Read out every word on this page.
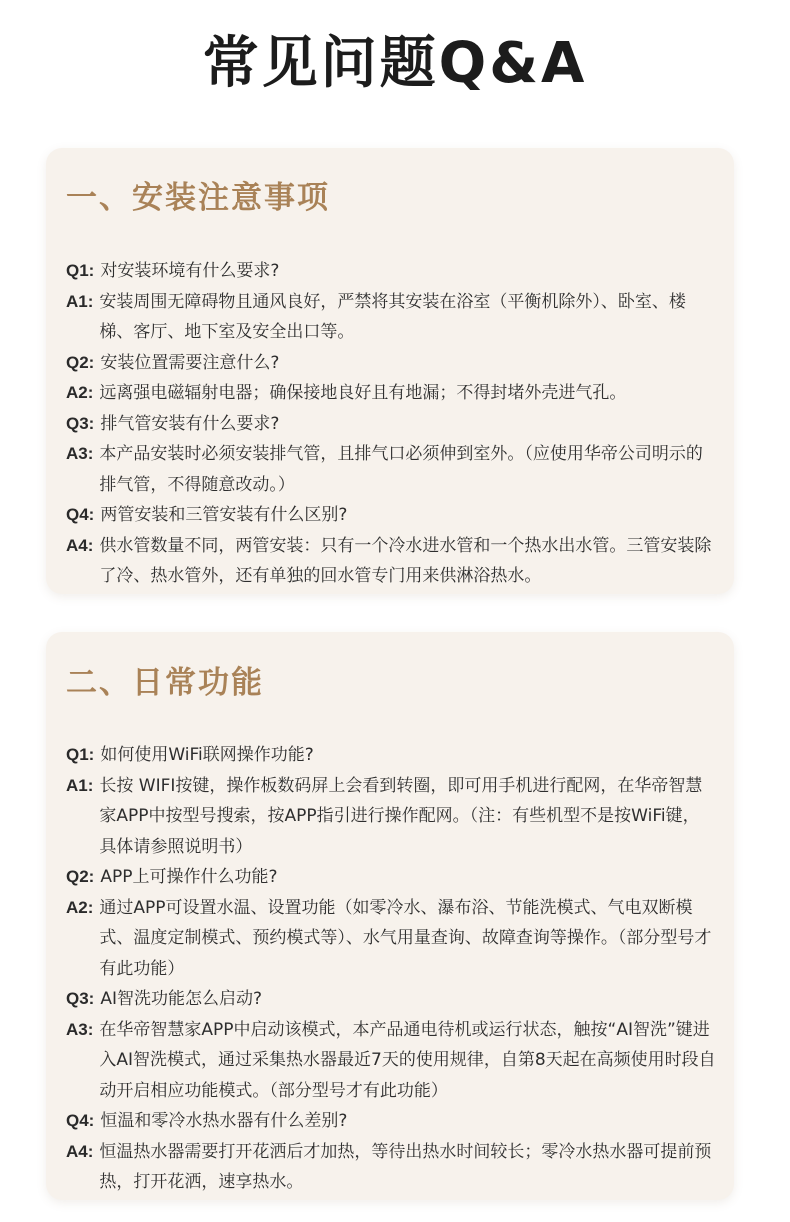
常见问题Q&A
一、安装注意事项
Q1: 对安装环境有什么要求?
A1: 安装周围无障碍物且通风良好，严禁将其安装在浴室（平衡机除外）、卧室、楼梯、客厅、地下室及安全出口等。
Q2: 安装位置需要注意什么?
A2: 远离强电磁辐射电器；确保接地良好且有地漏；不得封堵外壳进气孔。
Q3: 排气管安装有什么要求?
A3: 本产品安装时必须安装排气管，且排气口必须伸到室外。（应使用华帝公司明示的排气管，不得随意改动。）
Q4: 两管安装和三管安装有什么区别?
A4: 供水管数量不同，两管安装：只有一个冷水进水管和一个热水出水管。三管安装除了冷、热水管外，还有单独的回水管专门用来供淋浴热水。
二、日常功能
Q1: 如何使用WiFi联网操作功能?
A1: 长按 WIFI按键，操作板数码屏上会看到转圈，即可用手机进行配网，在华帝智慧家APP中按型号搜索，按APP指引进行操作配网。（注：有些机型不是按WiFi键，具体请参照说明书）
Q2: APP上可操作什么功能?
A2: 通过APP可设置水温、设置功能（如零冷水、瀑布浴、节能洗模式、气电双断模式、温度定制模式、预约模式等）、水气用量查询、故障查询等操作。（部分型号才有此功能）
Q3: AI智洗功能怎么启动?
A3: 在华帝智慧家APP中启动该模式，本产品通电待机或运行状态，触按“AI智洗”键进入AI智洗模式，通过采集热水器最近7天的使用规律，自第8天起在高频使用时段自动开启相应功能模式。（部分型号才有此功能）
Q4: 恒温和零冷水热水器有什么差别?
A4: 恒温热水器需要打开花洒后才加热，等待出热水时间较长；零冷水热水器可提前预热，打开花洒，速享热水。
